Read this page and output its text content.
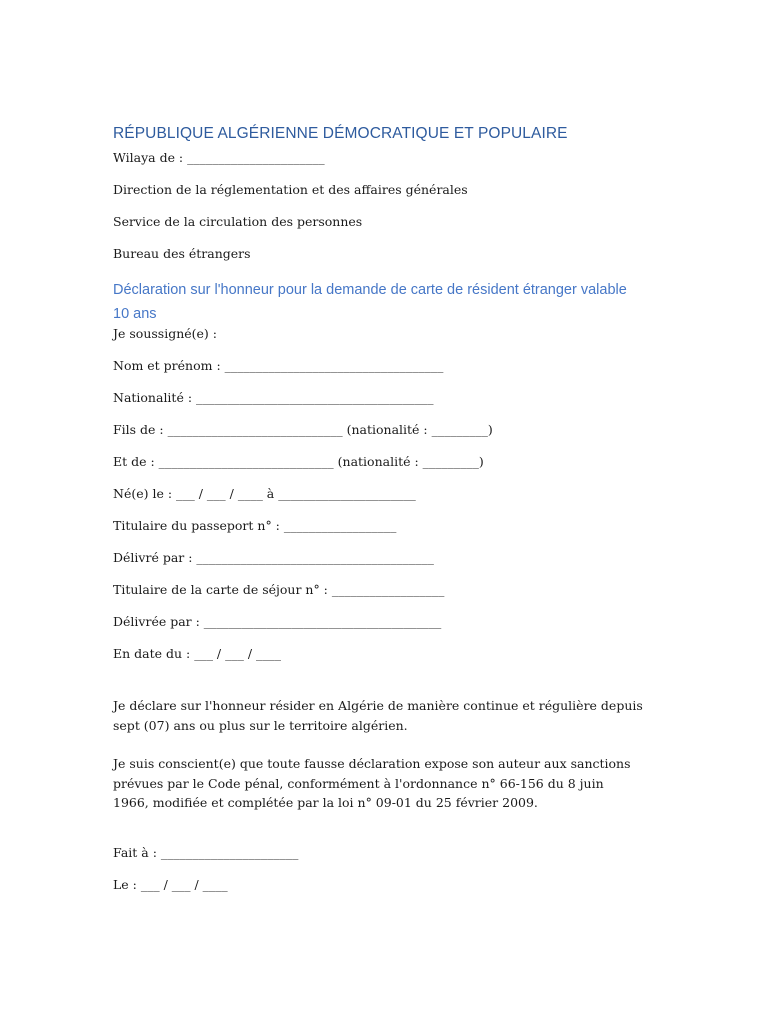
RÉPUBLIQUE ALGÉRIENNE DÉMOCRATIQUE ET POPULAIRE

Wilaya de : ______________________

Direction de la réglementation et des affaires générales

Service de la circulation des personnes

Bureau des étrangers

Déclaration sur l'honneur pour la demande de carte de résident étranger valable 10 ans

Je soussigné(e) :

Nom et prénom : ___________________________________

Nationalité : ______________________________________

Fils de : ____________________________ (nationalité : _________)

Et de : ____________________________ (nationalité : _________)

Né(e) le : ___ / ___ / ____ à ______________________

Titulaire du passeport n° : __________________

Délivré par : ______________________________________

Titulaire de la carte de séjour n° : __________________

Délivrée par : ______________________________________

En date du : ___ / ___ / ____

Je déclare sur l'honneur résider en Algérie de manière continue et régulière depuis sept (07) ans ou plus sur le territoire algérien.

Je suis conscient(e) que toute fausse déclaration expose son auteur aux sanctions prévues par le Code pénal, conformément à l'ordonnance n° 66-156 du 8 juin 1966, modifiée et complétée par la loi n° 09-01 du 25 février 2009.

Fait à : ______________________

Le : ___ / ___ / ____
